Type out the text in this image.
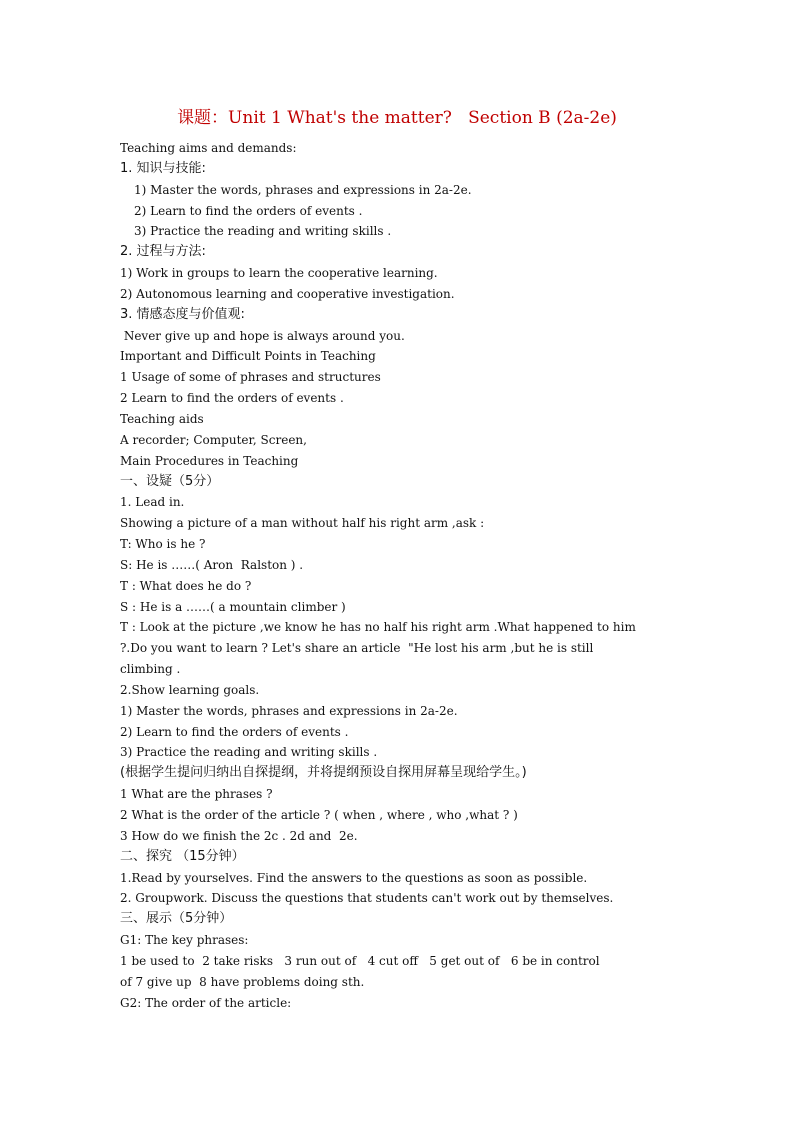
课题：Unit 1 What's the matter?   Section B (2a-2e)
Teaching aims and demands:
1. 知识与技能:
1) Master the words, phrases and expressions in 2a-2e.
2) Learn to find the orders of events .
3) Practice the reading and writing skills .
2. 过程与方法:
1) Work in groups to learn the cooperative learning.
2) Autonomous learning and cooperative investigation.
3. 情感态度与价值观:
Never give up and hope is always around you.
Important and Difficult Points in Teaching
1 Usage of some of phrases and structures
2 Learn to find the orders of events .
Teaching aids
A recorder; Computer, Screen,
Main Procedures in Teaching
一、设疑（5分）
1. Lead in.
Showing a picture of a man without half his right arm ,ask :
T: Who is he ?
S: He is ……( Aron  Ralston ) .
T : What does he do ?
S : He is a ……( a mountain climber )
T : Look at the picture ,we know he has no half his right arm .What happened to him
?.Do you want to learn ? Let's share an article  "He lost his arm ,but he is still
climbing .
2.Show learning goals.
1) Master the words, phrases and expressions in 2a-2e.
2) Learn to find the orders of events .
3) Practice the reading and writing skills .
(根据学生提问归纳出自探提纲，并将提纲预设自探用屏幕呈现给学生。)
1 What are the phrases ?
2 What is the order of the article ? ( when , where , who ,what ? )
3 How do we finish the 2c . 2d and  2e.
二、探究 （15分钟）
1.Read by yourselves. Find the answers to the questions as soon as possible.
2. Groupwork. Discuss the questions that students can't work out by themselves.
三、展示（5分钟）
G1: The key phrases:
1 be used to  2 take risks   3 run out of   4 cut off   5 get out of   6 be in control
of 7 give up  8 have problems doing sth.
G2: The order of the article:
